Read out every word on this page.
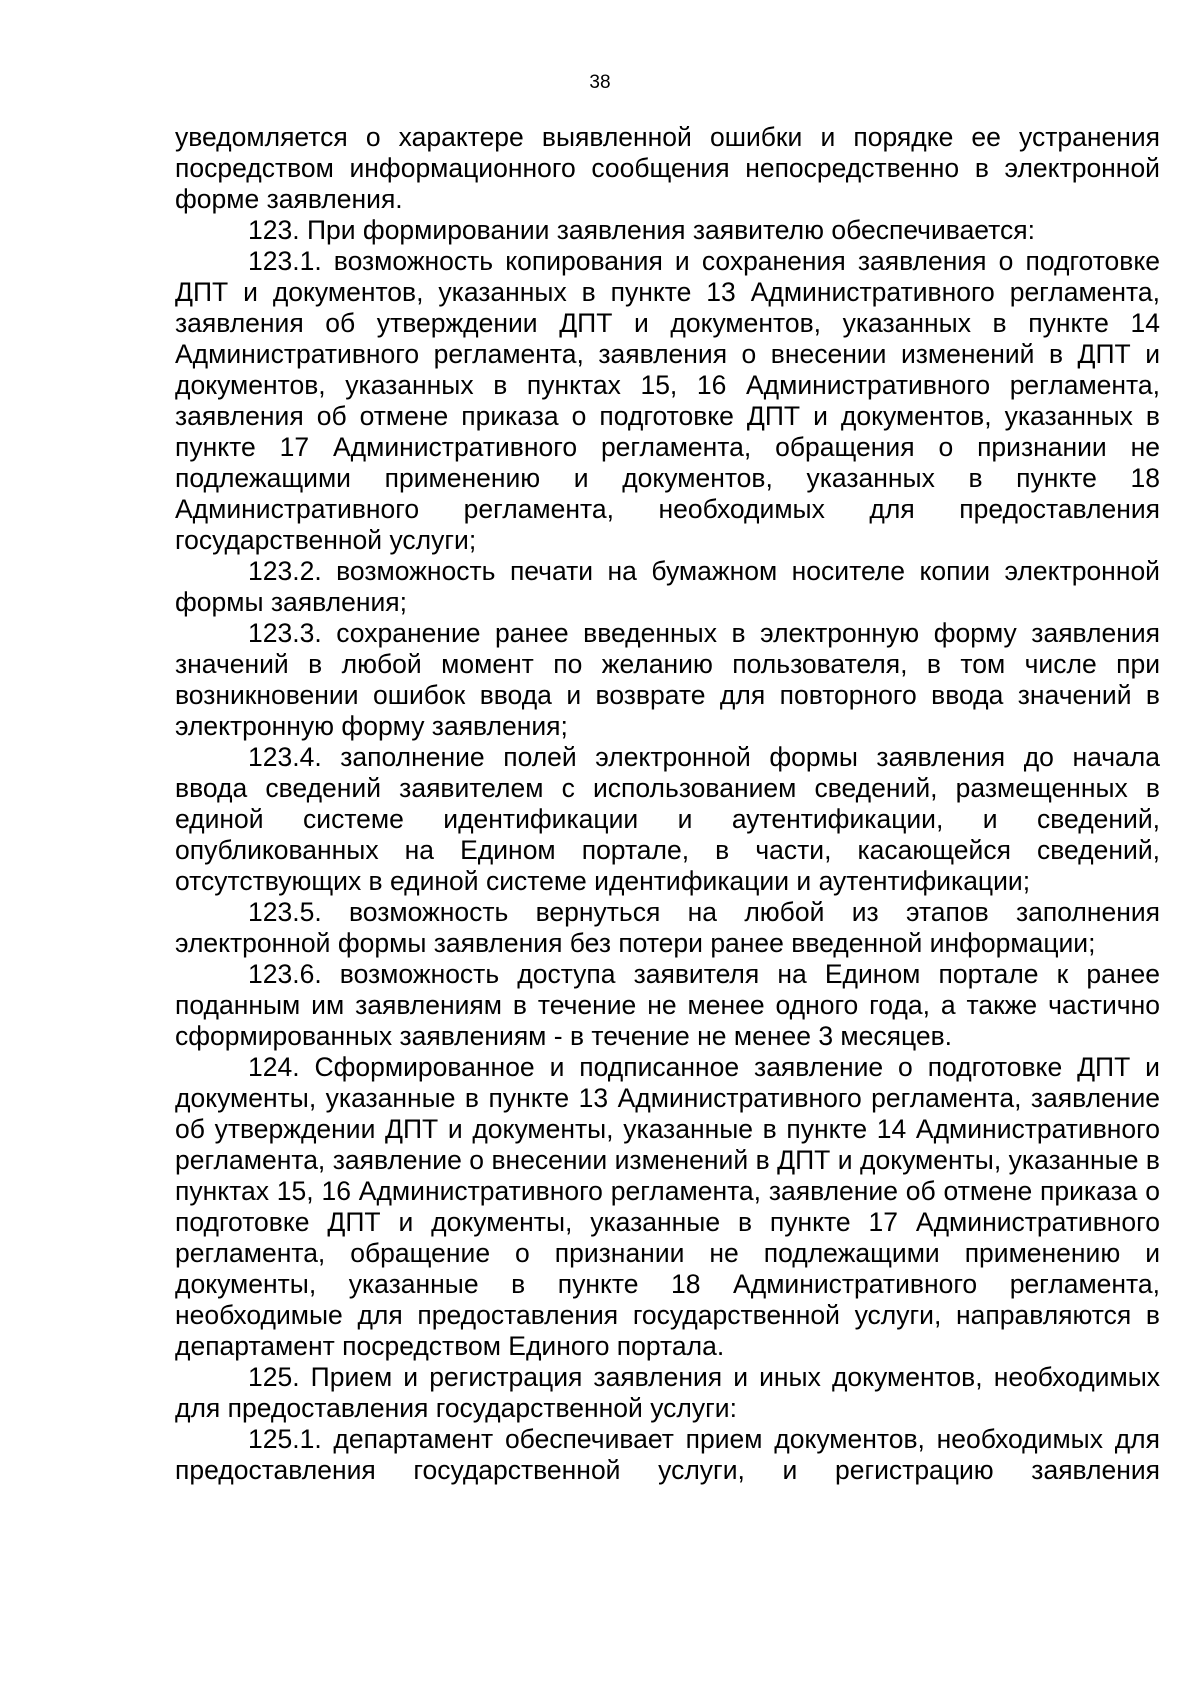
38

уведомляется о характере выявленной ошибки и порядке ее устранения посредством информационного сообщения непосредственно в электронной форме заявления.

123. При формировании заявления заявителю обеспечивается:

123.1. возможность копирования и сохранения заявления о подготовке ДПТ и документов, указанных в пункте 13 Административного регламента, заявления об утверждении ДПТ и документов, указанных в пункте 14 Административного регламента, заявления о внесении изменений в ДПТ и документов, указанных в пунктах 15, 16 Административного регламента, заявления об отмене приказа о подготовке ДПТ и документов, указанных в пункте 17 Административного регламента, обращения о признании не подлежащими применению и документов, указанных в пункте 18 Административного регламента, необходимых для предоставления государственной услуги;

123.2. возможность печати на бумажном носителе копии электронной формы заявления;

123.3. сохранение ранее введенных в электронную форму заявления значений в любой момент по желанию пользователя, в том числе при возникновении ошибок ввода и возврате для повторного ввода значений в электронную форму заявления;

123.4. заполнение полей электронной формы заявления до начала ввода сведений заявителем с использованием сведений, размещенных в единой системе идентификации и аутентификации, и сведений, опубликованных на Едином портале, в части, касающейся сведений, отсутствующих в единой системе идентификации и аутентификации;

123.5. возможность вернуться на любой из этапов заполнения электронной формы заявления без потери ранее введенной информации;

123.6. возможность доступа заявителя на Едином портале к ранее поданным им заявлениям в течение не менее одного года, а также частично сформированных заявлениям - в течение не менее 3 месяцев.

124. Сформированное и подписанное заявление о подготовке ДПТ и документы, указанные в пункте 13 Административного регламента, заявление об утверждении ДПТ и документы, указанные в пункте 14 Административного регламента, заявление о внесении изменений в ДПТ и документы, указанные в пунктах 15, 16 Административного регламента, заявление об отмене приказа о подготовке ДПТ и документы, указанные в пункте 17 Административного регламента, обращение о признании не подлежащими применению и документы, указанные в пункте 18 Административного регламента, необходимые для предоставления государственной услуги, направляются в департамент посредством Единого портала.

125. Прием и регистрация заявления и иных документов, необходимых для предоставления государственной услуги:

125.1. департамент обеспечивает прием документов, необходимых для предоставления государственной услуги, и регистрацию заявления
